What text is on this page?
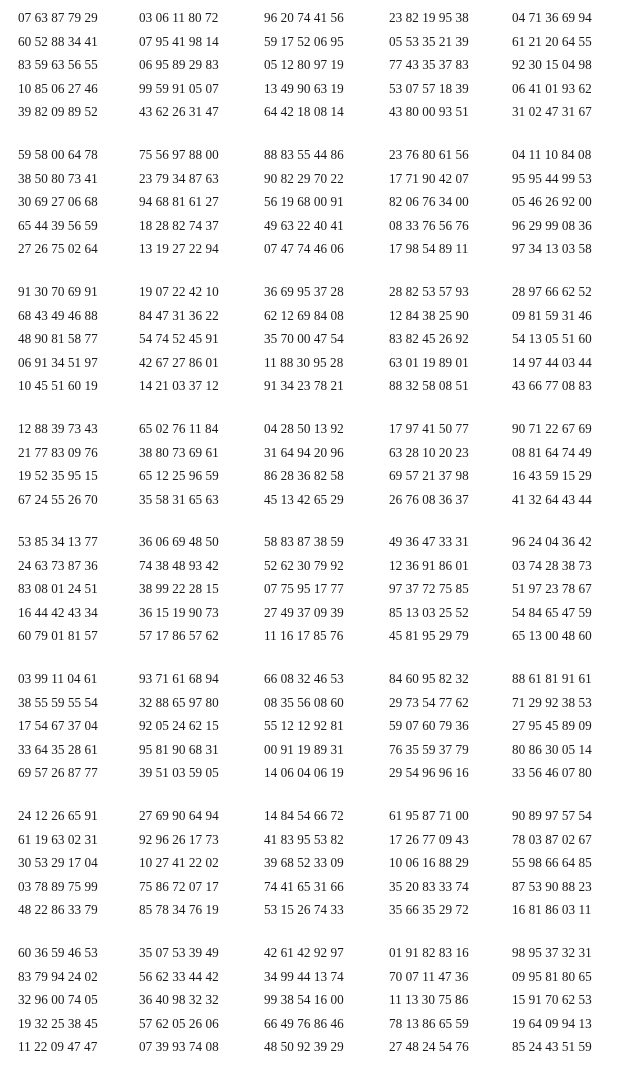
07 63 87 79 29	03 06 11 80 72	96 20 74 41 56	23 82 19 95 38	04 71 36 69 94
60 52 88 34 41	07 95 41 98 14	59 17 52 06 95	05 53 35 21 39	61 21 20 64 55
83 59 63 56 55	06 95 89 29 83	05 12 80 97 19	77 43 35 37 83	92 30 15 04 98
10 85 06 27 46	99 59 91 05 07	13 49 90 63 19	53 07 57 18 39	06 41 01 93 62
39 82 09 89 52	43 62 26 31 47	64 42 18 08 14	43 80 00 93 51	31 02 47 31 67
59 58 00 64 78	75 56 97 88 00	88 83 55 44 86	23 76 80 61 56	04 11 10 84 08
38 50 80 73 41	23 79 34 87 63	90 82 29 70 22	17 71 90 42 07	95 95 44 99 53
30 69 27 06 68	94 68 81 61 27	56 19 68 00 91	82 06 76 34 00	05 46 26 92 00
65 44 39 56 59	18 28 82 74 37	49 63 22 40 41	08 33 76 56 76	96 29 99 08 36
27 26 75 02 64	13 19 27 22 94	07 47 74 46 06	17 98 54 89 11	97 34 13 03 58
91 30 70 69 91	19 07 22 42 10	36 69 95 37 28	28 82 53 57 93	28 97 66 62 52
68 43 49 46 88	84 47 31 36 22	62 12 69 84 08	12 84 38 25 90	09 81 59 31 46
48 90 81 58 77	54 74 52 45 91	35 70 00 47 54	83 82 45 26 92	54 13 05 51 60
06 91 34 51 97	42 67 27 86 01	11 88 30 95 28	63 01 19 89 01	14 97 44 03 44
10 45 51 60 19	14 21 03 37 12	91 34 23 78 21	88 32 58 08 51	43 66 77 08 83
12 88 39 73 43	65 02 76 11 84	04 28 50 13 92	17 97 41 50 77	90 71 22 67 69
21 77 83 09 76	38 80 73 69 61	31 64 94 20 96	63 28 10 20 23	08 81 64 74 49
19 52 35 95 15	65 12 25 96 59	86 28 36 82 58	69 57 21 37 98	16 43 59 15 29
67 24 55 26 70	35 58 31 65 63	45 13 42 65 29	26 76 08 36 37	41 32 64 43 44
53 85 34 13 77	36 06 69 48 50	58 83 87 38 59	49 36 47 33 31	96 24 04 36 42
24 63 73 87 36	74 38 48 93 42	52 62 30 79 92	12 36 91 86 01	03 74 28 38 73
83 08 01 24 51	38 99 22 28 15	07 75 95 17 77	97 37 72 75 85	51 97 23 78 67
16 44 42 43 34	36 15 19 90 73	27 49 37 09 39	85 13 03 25 52	54 84 65 47 59
60 79 01 81 57	57 17 86 57 62	11 16 17 85 76	45 81 95 29 79	65 13 00 48 60
03 99 11 04 61	93 71 61 68 94	66 08 32 46 53	84 60 95 82 32	88 61 81 91 61
38 55 59 55 54	32 88 65 97 80	08 35 56 08 60	29 73 54 77 62	71 29 92 38 53
17 54 67 37 04	92 05 24 62 15	55 12 12 92 81	59 07 60 79 36	27 95 45 89 09
33 64 35 28 61	95 81 90 68 31	00 91 19 89 31	76 35 59 37 79	80 86 30 05 14
69 57 26 87 77	39 51 03 59 05	14 06 04 06 19	29 54 96 96 16	33 56 46 07 80
24 12 26 65 91	27 69 90 64 94	14 84 54 66 72	61 95 87 71 00	90 89 97 57 54
61 19 63 02 31	92 96 26 17 73	41 83 95 53 82	17 26 77 09 43	78 03 87 02 67
30 53 29 17 04	10 27 41 22 02	39 68 52 33 09	10 06 16 88 29	55 98 66 64 85
03 78 89 75 99	75 86 72 07 17	74 41 65 31 66	35 20 83 33 74	87 53 90 88 23
48 22 86 33 79	85 78 34 76 19	53 15 26 74 33	35 66 35 29 72	16 81 86 03 11
60 36 59 46 53	35 07 53 39 49	42 61 42 92 97	01 91 82 83 16	98 95 37 32 31
83 79 94 24 02	56 62 33 44 42	34 99 44 13 74	70 07 11 47 36	09 95 81 80 65
32 96 00 74 05	36 40 98 32 32	99 38 54 16 00	11 13 30 75 86	15 91 70 62 53
19 32 25 38 45	57 62 05 26 06	66 49 76 86 46	78 13 86 65 59	19 64 09 94 13
11 22 09 47 47	07 39 93 74 08	48 50 92 39 29	27 48 24 54 76	85 24 43 51 59
